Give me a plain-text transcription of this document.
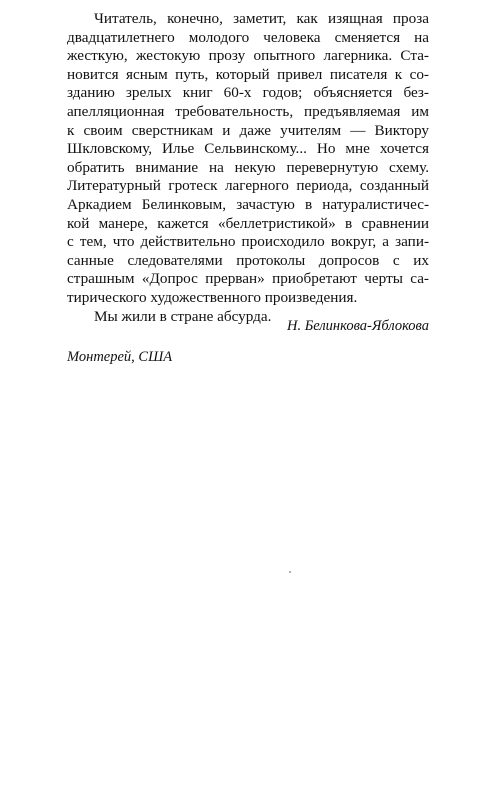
Читатель, конечно, заметит, как изящная проза
двадцатилетнего молодого человека сменяется на
жесткую, жестокую прозу опытного лагерника. Ста-
новится ясным путь, который привел писателя к со-
зданию зрелых книг 60-х годов; объясняется без-
апелляционная требовательность, предъявляемая им
к своим сверстникам и даже учителям — Виктору
Шкловскому, Илье Сельвинскому... Но мне хочется
обратить внимание на некую перевернутую схему.
Литературный гротеск лагерного периода, созданный
Аркадием Белинковым, зачастую в натуралистичес-
кой манере, кажется «беллетристикой» в сравнении
с тем, что действительно происходило вокруг, а запи-
санные следователями протоколы допросов с их
страшным «Допрос прерван» приобретают черты са-
тирического художественного произведения.
Мы жили в стране абсурда.
Н. Белинкова-Яблокова
Монтерей, США
